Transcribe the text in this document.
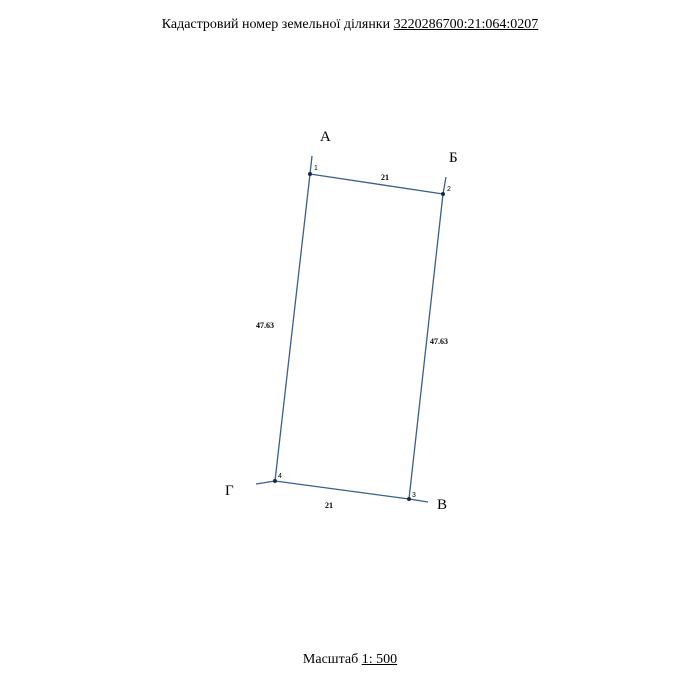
Кадастровий номер земельної ділянки 3220286700:21:064:0207
1
2
3
4
21
47.63
21
47.63
А
Б
В
Г
Масштаб 1: 500
